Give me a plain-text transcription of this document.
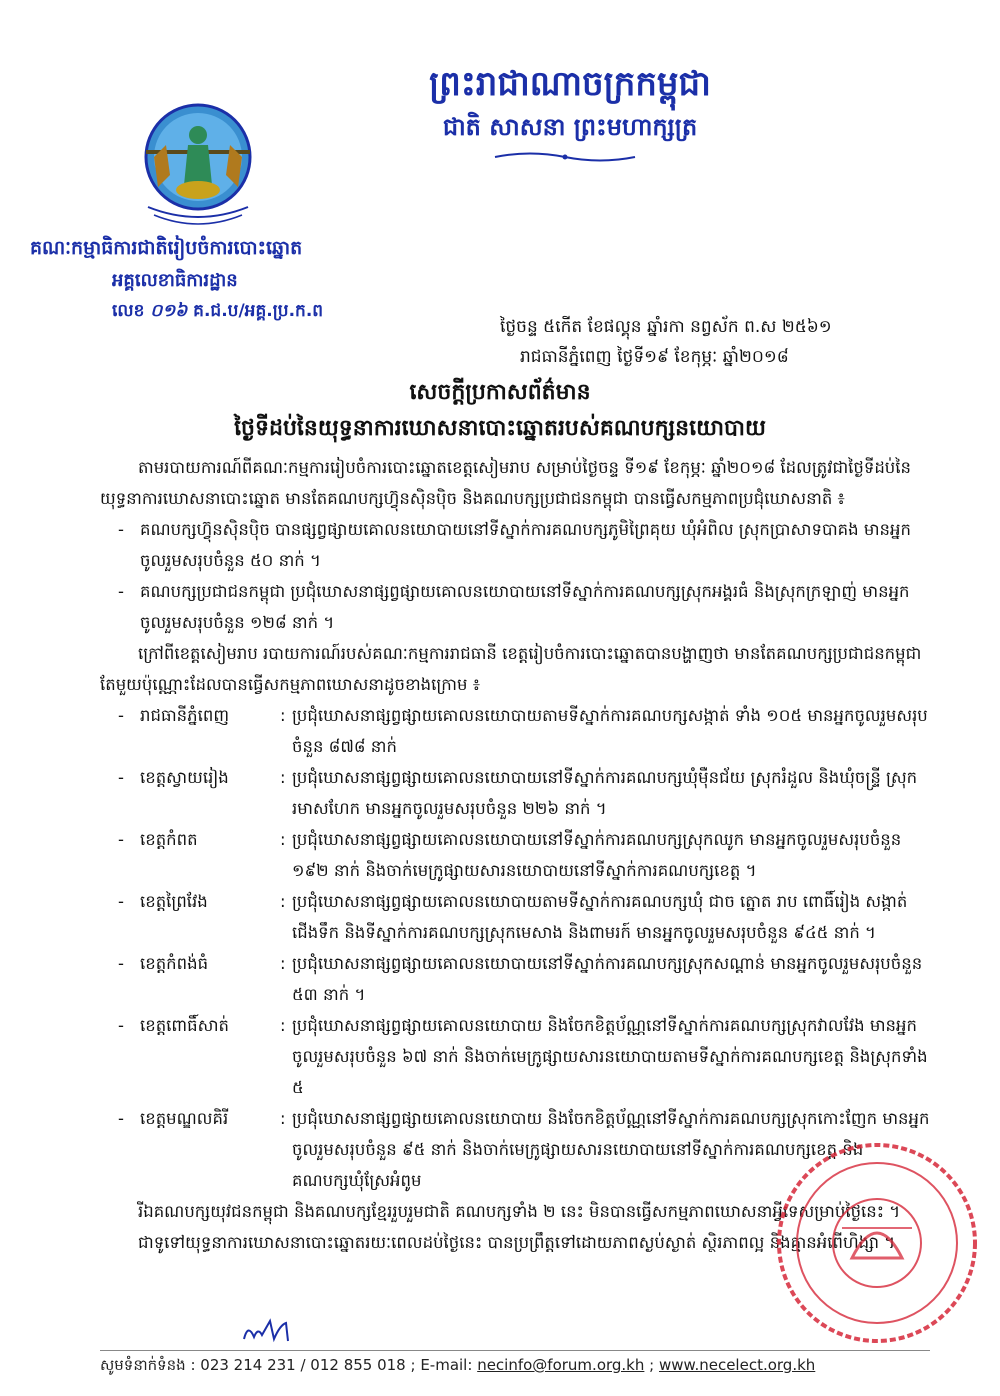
ព្រះរាជាណាចក្រកម្ពុជា
ជាតិ សាសនា ព្រះមហាក្សត្រ
គណៈកម្មាធិការជាតិរៀបចំការបោះឆ្នោត
អគ្គលេខាធិការដ្ឋាន
លេខ ០១៦ គ.ជ.ប/អគ្គ.ប្រ.ក.ព
ថ្ងៃចន្ទ ៥កើត ខែផល្គុន ឆ្នាំរកា នព្វស័ក ព.ស ២៥៦១
រាជធានីភ្នំពេញ ថ្ងៃទី១៩ ខែកុម្ភៈ ឆ្នាំ២០១៨
សេចក្ដីប្រកាសព័ត៌មាន
ថ្ងៃទីដប់នៃយុទ្ធនាការឃោសនាបោះឆ្នោតរបស់គណបក្សនយោបាយ

តាមរបាយការណ៍ពីគណៈកម្មការរៀបចំការបោះឆ្នោតខេត្តសៀមរាប សម្រាប់ថ្ងៃចន្ទ ទី១៩ ខែកុម្ភៈ ឆ្នាំ២០១៨ ដែលត្រូវជាថ្ងៃទីដប់នៃយុទ្ធនាការឃោសនាបោះឆ្នោត មានតែគណបក្សហ៊្វុនស៊ិនប៉ិច និងគណបក្សប្រជាជនកម្ពុជា បានធ្វើសកម្មភាពប្រជុំឃោសនាតិ ៖

- គណបក្សហ៊្វុនស៊ិនប៉ិច បានផ្សព្វផ្សាយគោលនយោបាយនៅទីស្នាក់ការគណបក្សភូមិព្រៃគុយ ឃុំអំពិល ស្រុកប្រាសាទបាគង មានអ្នកចូលរួមសរុបចំនួន ៥០ នាក់ ។

- គណបក្សប្រជាជនកម្ពុជា ប្រជុំឃោសនាផ្សព្វផ្សាយគោលនយោបាយនៅទីស្នាក់ការគណបក្សស្រុកអង្គរធំ និងស្រុកក្រឡាញ់ មានអ្នកចូលរួមសរុបចំនួន ១២៨ នាក់ ។

ក្រៅពីខេត្តសៀមរាប របាយការណ៍របស់គណៈកម្មការរាជធានី ខេត្តរៀបចំការបោះឆ្នោតបានបង្ហាញថា មានតែគណបក្សប្រជាជនកម្ពុជា តែមួយប៉ុណ្ណោះដែលបានធ្វើសកម្មភាពឃោសនាដូចខាងក្រោម ៖

- រាជធានីភ្នំពេញ	: ប្រជុំឃោសនាផ្សព្វផ្សាយគោលនយោបាយតាមទីស្នាក់ការគណបក្សសង្កាត់ ទាំង ១០៥ មានអ្នកចូលរួមសរុបចំនួន ៨៧៨ នាក់
- ខេត្តស្វាយរៀង	: ប្រជុំឃោសនាផ្សព្វផ្សាយគោលនយោបាយនៅទីស្នាក់ការគណបក្សឃុំម៉ឺនជ័យ ស្រុករំដួល និងឃុំចន្ទ្រី ស្រុករមាសហែក មានអ្នកចូលរួមសរុបចំនួន ២២៦ នាក់ ។
- ខេត្តកំពត	: ប្រជុំឃោសនាផ្សព្វផ្សាយគោលនយោបាយនៅទីស្នាក់ការគណបក្សស្រុកឈូក មានអ្នកចូលរួមសរុបចំនួន ១៩២ នាក់ និងចាក់មេក្រូផ្សាយសារនយោបាយនៅទីស្នាក់ការគណបក្សខេត្ត ។
- ខេត្តព្រៃវែង	: ប្រជុំឃោសនាផ្សព្វផ្សាយគោលនយោបាយតាមទីស្នាក់ការគណបក្សឃុំ ជាច ត្នោត រាប ពោធិ៍រៀង សង្កាត់ជើងទឹក និងទីស្នាក់ការគណបក្សស្រុកមេសាង និងពាមរក៍ មានអ្នកចូលរួមសរុបចំនួន ៩៤៥ នាក់ ។
- ខេត្តកំពង់ធំ	: ប្រជុំឃោសនាផ្សព្វផ្សាយគោលនយោបាយនៅទីស្នាក់ការគណបក្សស្រុកសណ្ដាន់ មានអ្នកចូលរួមសរុបចំនួន ៥៣ នាក់ ។
- ខេត្តពោធិ៍សាត់	: ប្រជុំឃោសនាផ្សព្វផ្សាយគោលនយោបាយ និងចែកខិត្តប័ណ្ណនៅទីស្នាក់ការគណបក្សស្រុកវាលវែង មានអ្នកចូលរួមសរុបចំនួន ៦៧ នាក់ និងចាក់មេក្រូផ្សាយសារនយោបាយតាមទីស្នាក់ការគណបក្សខេត្ត និងស្រុកទាំង ៥
- ខេត្តមណ្ឌលគិរី	: ប្រជុំឃោសនាផ្សព្វផ្សាយគោលនយោបាយ និងចែកខិត្តប័ណ្ណនៅទីស្នាក់ការគណបក្សស្រុកកោះញែក មានអ្នកចូលរួមសរុបចំនួន ៩៥ នាក់ និងចាក់មេក្រូផ្សាយសារនយោបាយនៅទីស្នាក់ការគណបក្សខេត្ត និងគណបក្សឃុំស្រែអំពូម

រីឯគណបក្សយុវជនកម្ពុជា និងគណបក្សខ្មែររួបរួមជាតិ គណបក្សទាំង ២ នេះ មិនបានធ្វើសកម្មភាពឃោសនាអ្វីទេសម្រាប់ថ្ងៃនេះ ។

ជាទូទៅយុទ្ធនាការឃោសនាបោះឆ្នោតរយៈពេលដប់ថ្ងៃនេះ បានប្រព្រឹត្តទៅដោយភាពស្ងប់ស្ងាត់ ស្ថិរភាពល្អ និងគ្មានអំពើហិង្សា ។

សូមទំនាក់ទំនង : 023 214 231 / 012 855 018 ; E-mail: necinfo@forum.org.kh ; www.necelect.org.kh
